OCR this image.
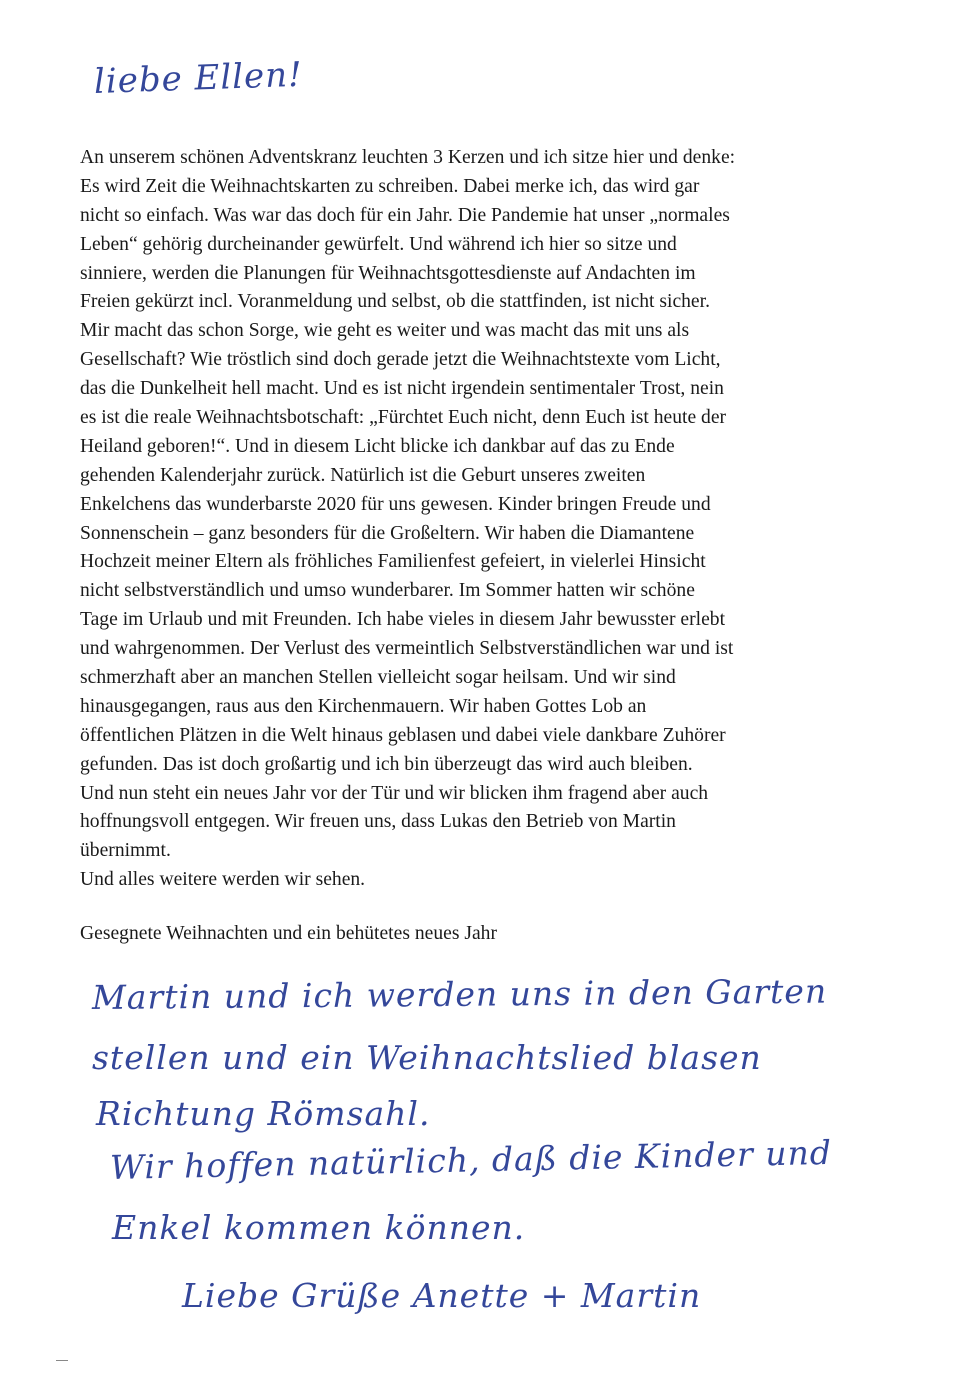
liebe Ellen!
An unserem schönen Adventskranz leuchten 3 Kerzen und ich sitze hier und denke:
Es wird Zeit die Weihnachtskarten zu schreiben. Dabei merke ich, das wird gar
nicht so einfach. Was war das doch für ein Jahr. Die Pandemie hat unser „normales
Leben“ gehörig durcheinander gewürfelt. Und während ich hier so sitze und
sinniere, werden die Planungen für Weihnachtsgottesdienste auf Andachten im
Freien gekürzt incl. Voranmeldung und selbst, ob die stattfinden, ist nicht sicher.
Mir macht das schon Sorge, wie geht es weiter und was macht das mit uns als
Gesellschaft? Wie tröstlich sind doch gerade jetzt die Weihnachtstexte vom Licht,
das die Dunkelheit hell macht. Und es ist nicht irgendein sentimentaler Trost, nein
es ist die reale Weihnachtsbotschaft: „Fürchtet Euch nicht, denn Euch ist heute der
Heiland geboren!“. Und in diesem Licht blicke ich dankbar auf das zu Ende
gehenden Kalenderjahr zurück. Natürlich ist die Geburt unseres zweiten
Enkelchens das wunderbarste 2020 für uns gewesen. Kinder bringen Freude und
Sonnenschein – ganz besonders für die Großeltern. Wir haben die Diamantene
Hochzeit meiner Eltern als fröhliches Familienfest gefeiert, in vielerlei Hinsicht
nicht selbstverständlich und umso wunderbarer. Im Sommer hatten wir schöne
Tage im Urlaub und mit Freunden. Ich habe vieles in diesem Jahr bewusster erlebt
und wahrgenommen. Der Verlust des vermeintlich Selbstverständlichen war und ist
schmerzhaft aber an manchen Stellen vielleicht sogar heilsam. Und wir sind
hinausgegangen, raus aus den Kirchenmauern. Wir haben Gottes Lob an
öffentlichen Plätzen in die Welt hinaus geblasen und dabei viele dankbare Zuhörer
gefunden. Das ist doch großartig und ich bin überzeugt das wird auch bleiben.
Und nun steht ein neues Jahr vor der Tür und wir blicken ihm fragend aber auch
hoffnungsvoll entgegen. Wir freuen uns, dass Lukas den Betrieb von Martin
übernimmt.
Und alles weitere werden wir sehen.
Gesegnete Weihnachten und ein behütetes neues Jahr
Martin und ich werden uns in den Garten
stellen und ein Weihnachtslied blasen
Richtung Römsahl.
Wir hoffen natürlich, daß die Kinder und
Enkel kommen können.
Liebe Grüße Anette + Martin
